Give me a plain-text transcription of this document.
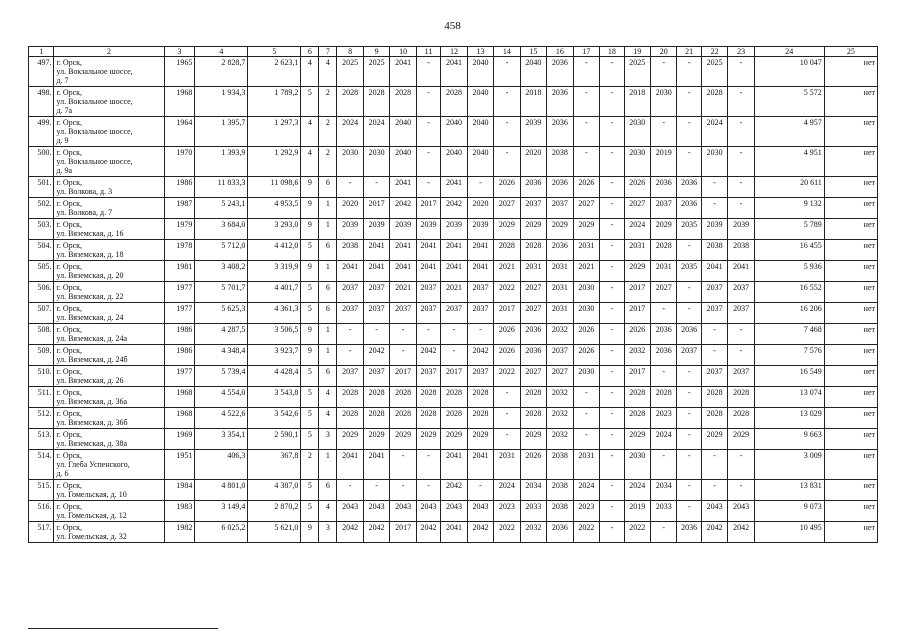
458
1	2	3	4	5	6	7	8	9	10	11	12	13	14	15	16	17	18	19	20	21	22	23	24	25
497.	г. Орск,
ул. Вокзальное шоссе,
д. 7	1965	2 828,7	2 623,1	4	4	2025	2025	2041	-	2041	2040	-	2040	2036	-	-	2025	-	-	2025	-	10 047	нет
498.	г. Орск,
ул. Вокзальное шоссе,
д. 7а	1968	1 934,3	1 789,2	5	2	2028	2028	2028	-	2028	2040	-	2018	2036	-	-	2018	2030	-	2028	-	5 572	нет
499.	г. Орск,
ул. Вокзальное шоссе,
д. 9	1964	1 395,7	1 297,3	4	2	2024	2024	2040	-	2040	2040	-	2039	2036	-	-	2030	-	-	2024	-	4 957	нет
500.	г. Орск,
ул. Вокзальное шоссе,
д. 9а	1970	1 393,9	1 292,9	4	2	2030	2030	2040	-	2040	2040	-	2020	2038	-	-	2030	2019	-	2030	-	4 951	нет
501.	г. Орск,
ул. Волкова, д. 3	1986	11 833,3	11 098,6	9	6	-	-	2041	-	2041	-	2026	2036	2036	2026	-	2026	2036	2036	-	-	20 611	нет
502.	г. Орск,
ул. Волкова, д. 7	1987	5 243,1	4 953,5	9	1	2020	2017	2042	2017	2042	2020	2027	2037	2037	2027	-	2027	2037	2036	-	-	9 132	нет
503.	г. Орск,
ул. Вяземская, д. 16	1979	3 684,0	3 293,0	9	1	2039	2039	2039	2039	2039	2039	2029	2029	2029	2029	-	2024	2029	2035	2039	2039	5 789	нет
504.	г. Орск,
ул. Вяземская, д. 18	1978	5 712,0	4 412,0	5	6	2038	2041	2041	2041	2041	2041	2028	2028	2036	2031	-	2031	2028	-	2038	2038	16 455	нет
505.	г. Орск,
ул. Вяземская, д. 20	1981	3 408,2	3 319,9	9	1	2041	2041	2041	2041	2041	2041	2021	2031	2031	2021	-	2029	2031	2035	2041	2041	5 936	нет
506.	г. Орск,
ул. Вяземская, д. 22	1977	5 701,7	4 401,7	5	6	2037	2037	2021	2037	2021	2037	2022	2027	2031	2030	-	2017	2027	-	2037	2037	16 552	нет
507.	г. Орск,
ул. Вяземская, д. 24	1977	5 625,3	4 361,3	5	6	2037	2037	2037	2037	2037	2037	2017	2027	2031	2030	-	2017	-	-	2037	2037	16 206	нет
508.	г. Орск,
ул. Вяземская, д. 24а	1986	4 287,5	3 506,5	9	1	-	-	-	-	-	-	2026	2036	2032	2026	-	2026	2036	2036	-	-	7 468	нет
509.	г. Орск,
ул. Вяземская, д. 24б	1986	4 348,4	3 923,7	9	1	-	2042	-	2042	-	2042	2026	2036	2037	2026	-	2032	2036	2037	-	-	7 576	нет
510.	г. Орск,
ул. Вяземская, д. 26	1977	5 739,4	4 428,4	5	6	2037	2037	2017	2037	2017	2037	2022	2027	2027	2030	-	2017	-	-	2037	2037	16 549	нет
511.	г. Орск,
ул. Вяземская, д. 36а	1968	4 554,0	3 543,8	5	4	2028	2028	2028	2028	2028	2028	-	2028	2032	-	-	2028	2028	-	2028	2028	13 074	нет
512.	г. Орск,
ул. Вяземская, д. 36б	1968	4 522,6	3 542,6	5	4	2028	2028	2028	2028	2028	2028	-	2028	2032	-	-	2028	2023	-	2028	2028	13 029	нет
513.	г. Орск,
ул. Вяземская, д. 38а	1969	3 354,1	2 590,1	5	3	2029	2029	2029	2029	2029	2029	-	2029	2032	-	-	2029	2024	-	2029	2029	9 663	нет
514.	г. Орск,
ул. Глеба Успенского,
д. 6	1951	406,3	367,8	2	1	2041	2041	-	-	2041	2041	2031	2026	2038	2031	-	2030	-	-	-	-	3 009	нет
515.	г. Орск,
ул. Гомельская, д. 10	1984	4 801,0	4 387,0	5	6	-	-	-	-	2042	-	2024	2034	2038	2024	-	2024	2034	-	-	-	13 831	нет
516.	г. Орск,
ул. Гомельская, д. 12	1983	3 149,4	2 870,2	5	4	2043	2043	2043	2043	2043	2043	2023	2033	2038	2023	-	2019	2033	-	2043	2043	9 073	нет
517.	г. Орск,
ул. Гомельская, д. 32	1982	6 025,2	5 621,0	9	3	2042	2042	2017	2042	2041	2042	2022	2032	2036	2022	-	2022	-	2036	2042	2042	10 495	нет
